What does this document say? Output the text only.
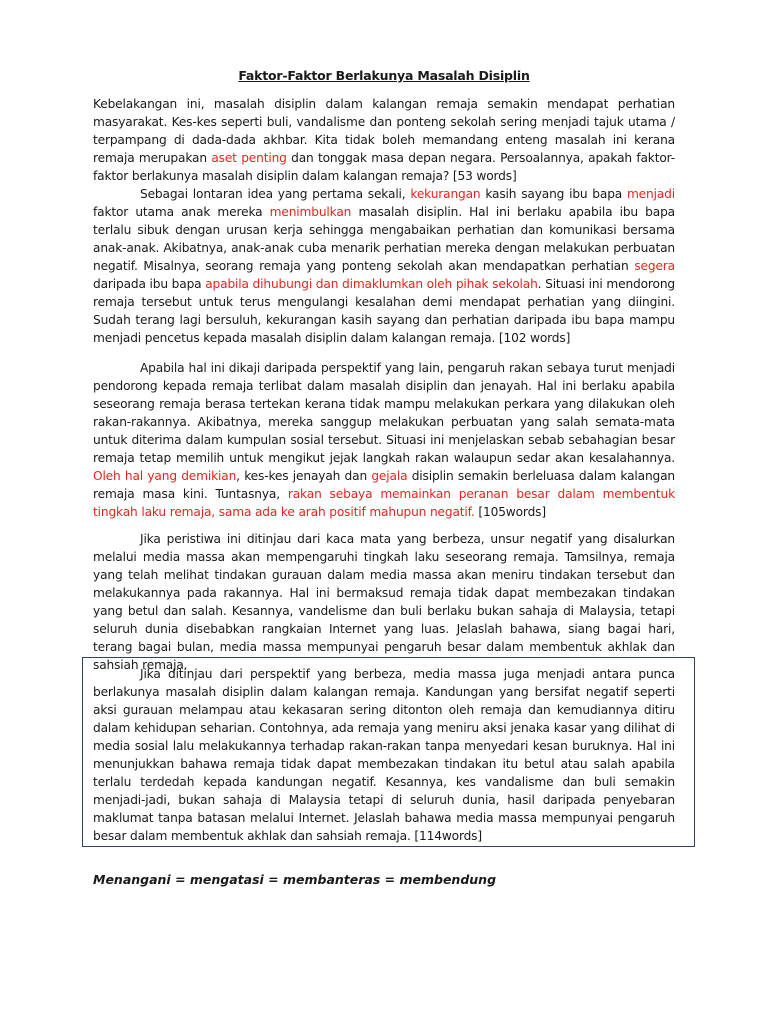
Faktor-Faktor Berlakunya Masalah Disiplin
Kebelakangan ini, masalah disiplin dalam kalangan remaja semakin mendapat perhatian masyarakat. Kes-kes seperti buli, vandalisme dan ponteng sekolah sering menjadi tajuk utama / terpampang di dada-dada akhbar. Kita tidak boleh memandang enteng masalah ini kerana remaja merupakan aset penting dan tonggak masa depan negara. Persoalannya, apakah faktor-faktor berlakunya masalah disiplin dalam kalangan remaja? [53 words]
Sebagai lontaran idea yang pertama sekali, kekurangan kasih sayang ibu bapa menjadi faktor utama anak mereka menimbulkan masalah disiplin. Hal ini berlaku apabila ibu bapa terlalu sibuk dengan urusan kerja sehingga mengabaikan perhatian dan komunikasi bersama anak-anak. Akibatnya, anak-anak cuba menarik perhatian mereka dengan melakukan perbuatan negatif. Misalnya, seorang remaja yang ponteng sekolah akan mendapatkan perhatian segera daripada ibu bapa apabila dihubungi dan dimaklumkan oleh pihak sekolah. Situasi ini mendorong remaja tersebut untuk terus mengulangi kesalahan demi mendapat perhatian yang diingini. Sudah terang lagi bersuluh, kekurangan kasih sayang dan perhatian daripada ibu bapa mampu menjadi pencetus kepada masalah disiplin dalam kalangan remaja. [102 words]
Apabila hal ini dikaji daripada perspektif yang lain, pengaruh rakan sebaya turut menjadi pendorong kepada remaja terlibat dalam masalah disiplin dan jenayah. Hal ini berlaku apabila seseorang remaja berasa tertekan kerana tidak mampu melakukan perkara yang dilakukan oleh rakan-rakannya. Akibatnya, mereka sanggup melakukan perbuatan yang salah semata-mata untuk diterima dalam kumpulan sosial tersebut. Situasi ini menjelaskan sebab sebahagian besar remaja tetap memilih untuk mengikut jejak langkah rakan walaupun sedar akan kesalahannya. Oleh hal yang demikian, kes-kes jenayah dan gejala disiplin semakin berleluasa dalam kalangan remaja masa kini. Tuntasnya, rakan sebaya memainkan peranan besar dalam membentuk tingkah laku remaja, sama ada ke arah positif mahupun negatif. [105words]
Jika peristiwa ini ditinjau dari kaca mata yang berbeza, unsur negatif yang disalurkan melalui media massa akan mempengaruhi tingkah laku seseorang remaja. Tamsilnya, remaja yang telah melihat tindakan gurauan dalam media massa akan meniru tindakan tersebut dan melakukannya pada rakannya. Hal ini bermaksud remaja tidak dapat membezakan tindakan yang betul dan salah. Kesannya, vandelisme dan buli berlaku bukan sahaja di Malaysia, tetapi seluruh dunia disebabkan rangkaian Internet yang luas. Jelaslah bahawa, siang bagai hari, terang bagai bulan, media massa mempunyai pengaruh besar dalam membentuk akhlak dan sahsiah remaja.
Jika ditinjau dari perspektif yang berbeza, media massa juga menjadi antara punca berlakunya masalah disiplin dalam kalangan remaja. Kandungan yang bersifat negatif seperti aksi gurauan melampau atau kekasaran sering ditonton oleh remaja dan kemudiannya ditiru dalam kehidupan seharian. Contohnya, ada remaja yang meniru aksi jenaka kasar yang dilihat di media sosial lalu melakukannya terhadap rakan-rakan tanpa menyedari kesan buruknya. Hal ini menunjukkan bahawa remaja tidak dapat membezakan tindakan itu betul atau salah apabila terlalu terdedah kepada kandungan negatif. Kesannya, kes vandalisme dan buli semakin menjadi-jadi, bukan sahaja di Malaysia tetapi di seluruh dunia, hasil daripada penyebaran maklumat tanpa batasan melalui Internet. Jelaslah bahawa media massa mempunyai pengaruh besar dalam membentuk akhlak dan sahsiah remaja. [114words]
Menangani = mengatasi = membanteras = membendung
